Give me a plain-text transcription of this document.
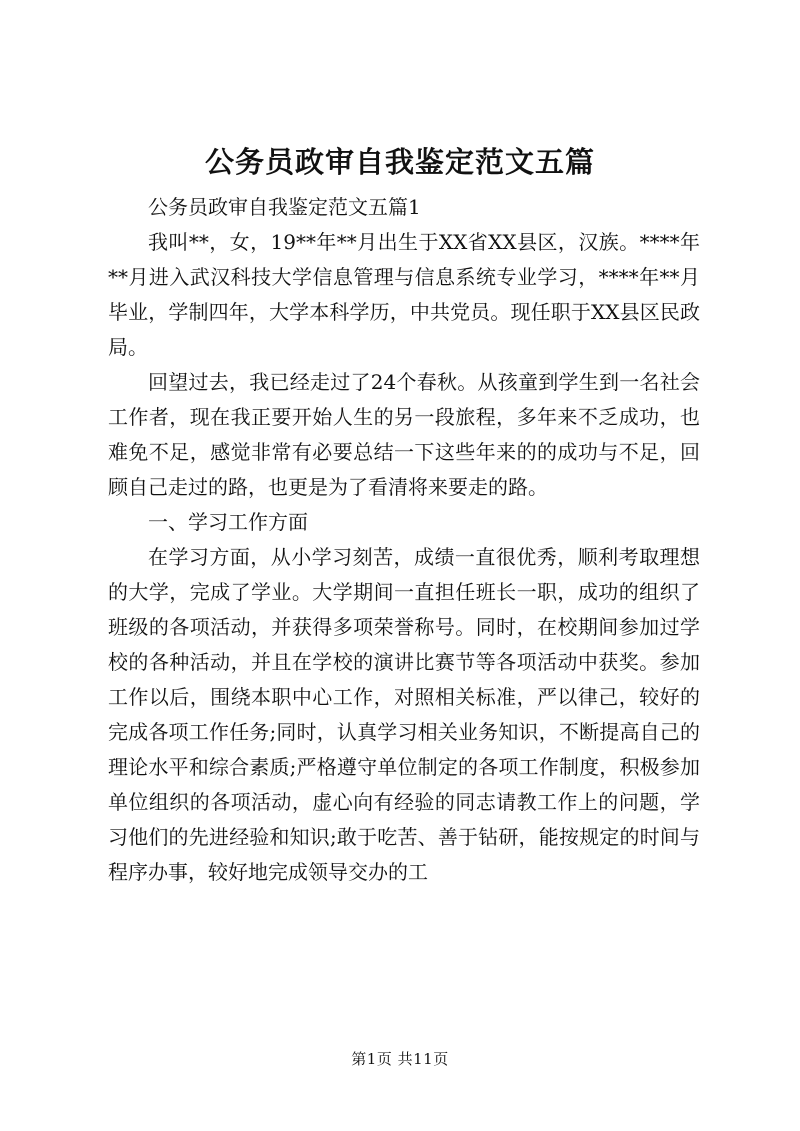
公务员政审自我鉴定范文五篇

公务员政审自我鉴定范文五篇1

我叫**，女，19**年**月出生于XX省XX县区，汉族。****年**月进入武汉科技大学信息管理与信息系统专业学习，****年**月毕业，学制四年，大学本科学历，中共党员。现任职于XX县区民政局。

回望过去，我已经走过了24个春秋。从孩童到学生到一名社会工作者，现在我正要开始人生的另一段旅程，多年来不乏成功，也难免不足，感觉非常有必要总结一下这些年来的的成功与不足，回顾自己走过的路，也更是为了看清将来要走的路。

一、学习工作方面

在学习方面，从小学习刻苦，成绩一直很优秀，顺利考取理想的大学，完成了学业。大学期间一直担任班长一职，成功的组织了班级的各项活动，并获得多项荣誉称号。同时，在校期间参加过学校的各种活动，并且在学校的演讲比赛节等各项活动中获奖。参加工作以后，围绕本职中心工作，对照相关标准，严以律己，较好的完成各项工作任务;同时，认真学习相关业务知识，不断提高自己的理论水平和综合素质;严格遵守单位制定的各项工作制度，积极参加单位组织的各项活动，虚心向有经验的同志请教工作上的问题，学习他们的先进经验和知识;敢于吃苦、善于钻研，能按规定的时间与程序办事，较好地完成领导交办的工

第1页 共11页
